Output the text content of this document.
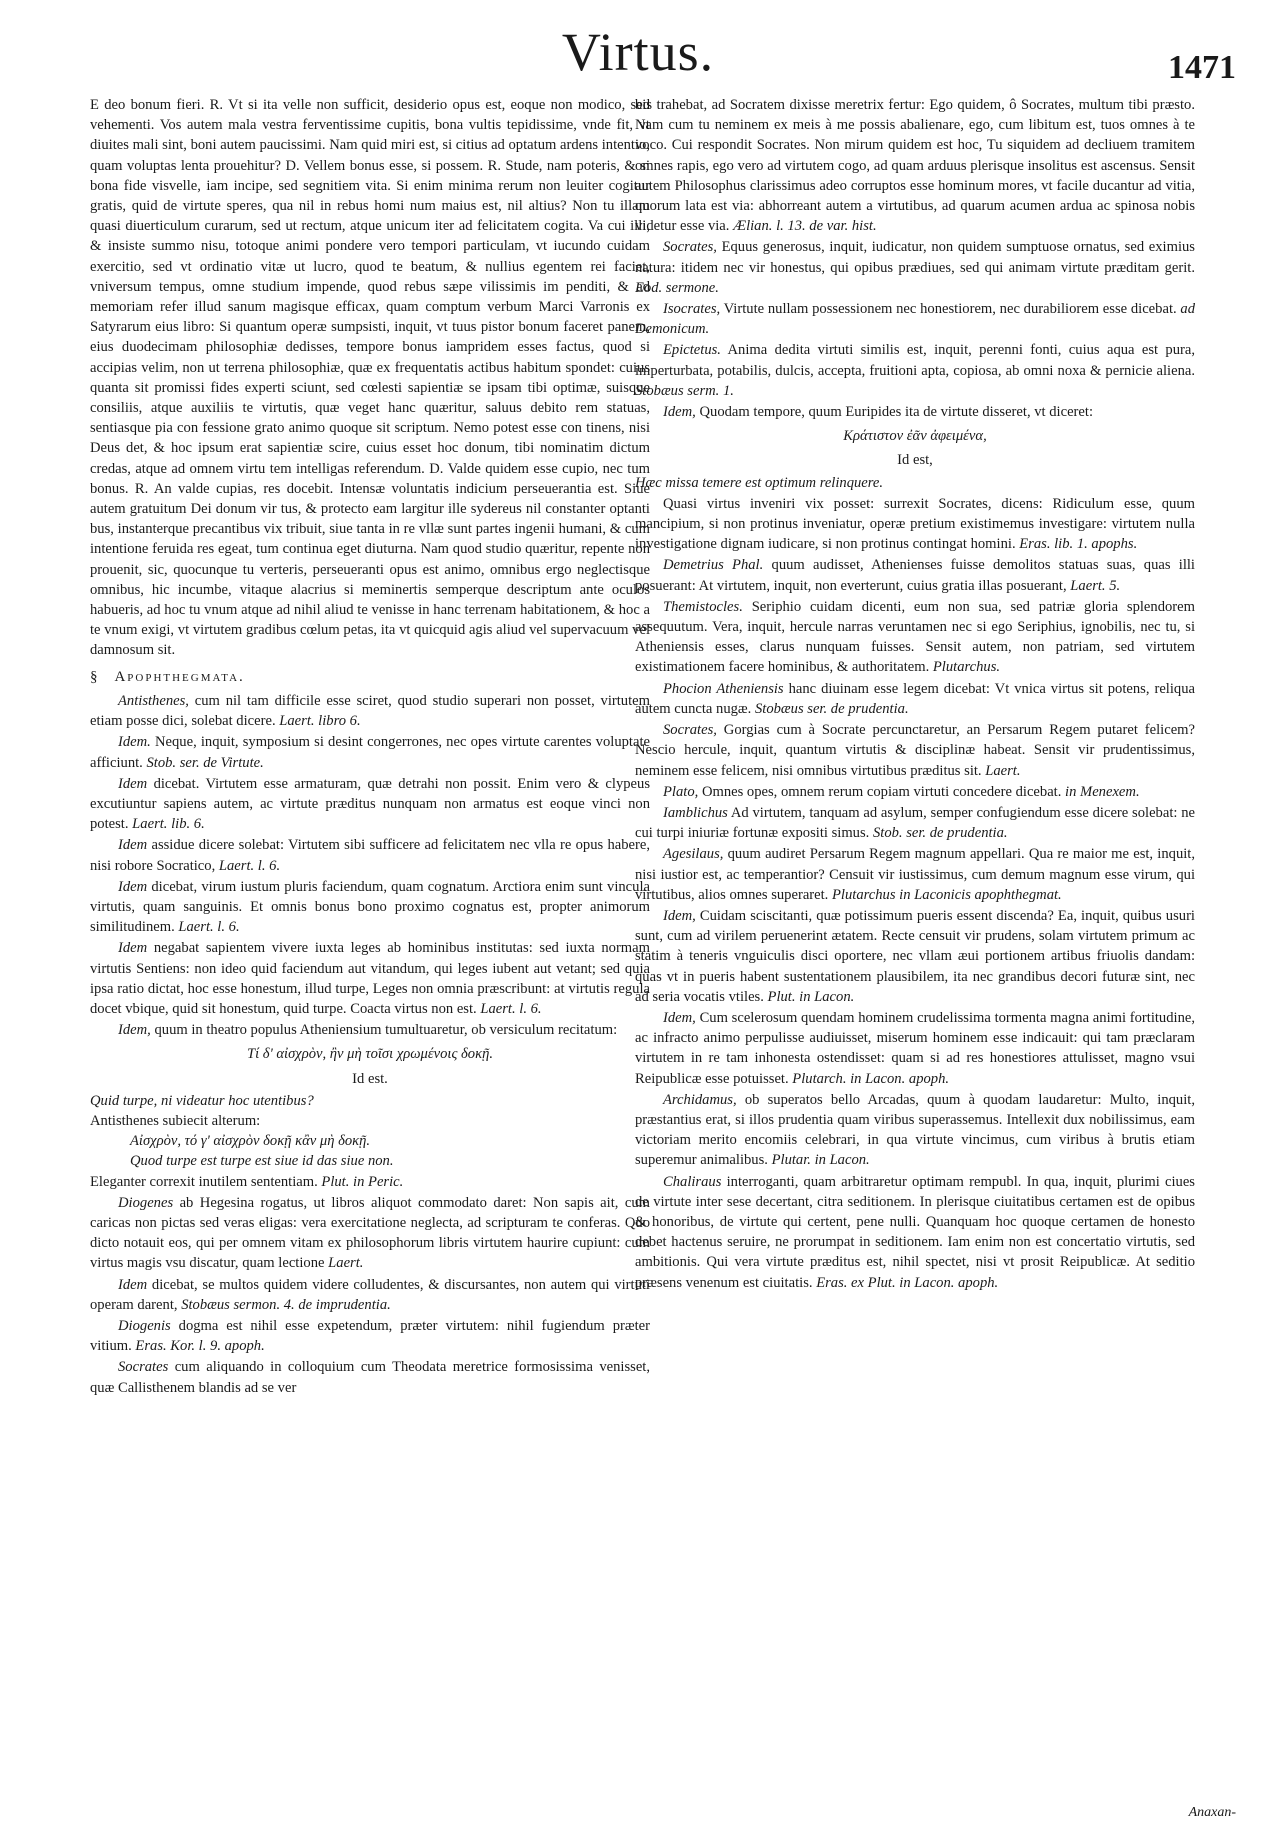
Virtus.	1471

E deo bonum fieri. R. Vt si ita velle non sufficit, desiderio opus est, eoque non modico, sed vehementi. Vos autem mala vestra ferventissime cupitis, bona vultis tepidissime, vnde fit, vt diuites mali sint, boni autem paucissimi. Nam quid miri est, si citius ad optatum ardens intentio, quam voluptas lenta prouehitur? D. Vellem bonus esse, si possem. R. Stude, nam poteris, & si bona fide visvelle, iam incipe, sed segnitiem vita. Si enim minima rerum non leuiter cogitur gratis, quid de virtute speres, qua nil in rebus homi num maius est, nil altius? Non tu illam quasi diuerticulum curarum, sed ut rectum, atque unicum iter ad felicitatem cogita. Va cui illi, & insiste summo nisu, totoque animi pondere vero tempori particulam, vt iucundo cuidam exercitio, sed vt ordinatio vitæ ut lucro, quod te beatum, & nullius egentem rei faciet, vniversum tempus, omne studium impende, quod rebus sæpe vilissimis im penditi, & ad memoriam refer illud sanum magisque efficax, quam comptum verbum Marci Varronis ex Satyrarum eius libro: Si quantum operæ sumpsisti, inquit, vt tuus pistor bonum faceret panem, eius duodecimam philosophiæ dedisses, tempore bonus iampridem esses factus, quod si accipias velim, non ut terrena philosophiæ, quæ ex frequentatis actibus habitum spondet: cuius quanta sit promissi fides experti sciunt, sed cœlesti sapientiæ se ipsam tibi optimæ, suisque consiliis, atque auxiliis te virtutis, quæ veget hanc quæritur, saluus debito rem statuas, sentiasque pia con fessione grato animo quoque sit scriptum. Nemo potest esse con tinens, nisi Deus det, & hoc ipsum erat sapientiæ scire, cuius esset hoc donum, tibi nominatim dictum credas, atque ad omnem virtu tem intelligas referendum. D. Valde quidem esse cupio, nec tum bonus. R. An valde cupias, res docebit. Intensæ voluntatis indicium perseuerantia est. Siue autem gratuitum Dei donum vir tus, & protecto eam largitur ille sydereus nil constanter optanti bus, instanterque precantibus vix tribuit, siue tanta in re vllæ sunt partes ingenii humani, & cum intentione feruida res egeat, tum continua eget diuturna. Nam quod studio quæritur, repente non prouenit, sic, quocunque tu verteris, perseueranti opus est animo, omnibus ergo neglectisque omnibus, hic incumbe, vitaque alacrius si meminertis semperque descriptum ante oculos habueris, ad hoc tu vnum atque ad nihil aliud te venisse in hanc terrenam habitationem, & hoc a te vnum exigi, vt virtutem gradibus cœlum petas, ita vt quicquid agis aliud vel supervacuum vel damnosum sit.

§ Apophthegmata.

Antisthenes, cum nil tam difficile esse sciret, quod studio superari non posset, virtutem etiam posse dici, solebat dicere. Laert. libro 6.

Idem. Neque, inquit, symposium si desint congerrones, nec opes virtute carentes voluptate afficiunt. Stob. ser. de Virtute.

Idem dicebat. Virtutem esse armaturam, quæ detrahi non possit. Enim vero & clypeus excutiuntur sapiens autem, ac virtute præditus nunquam non armatus est eoque vinci non potest. Laert. lib. 6.

Idem assidue dicere solebat: Virtutem sibi sufficere ad felicitatem nec vlla re opus habere, nisi robore Socratico, Laert. l. 6.

Idem dicebat, virum iustum pluris faciendum, quam cognatum. Arctiora enim sunt vincula virtutis, quam sanguinis. Et omnis bonus bono proximo cognatus est, propter animorum similitudinem. Laert. l. 6.

Idem negabat sapientem vivere iuxta leges ab hominibus institutas: sed iuxta normam virtutis Sentiens: non ideo quid faciendum aut vitandum, qui leges iubent aut vetant; sed quia ipsa ratio dictat, hoc esse honestum, illud turpe, Leges non omnia præscribunt: at virtutis regula docet vbique, quid sit honestum, quid turpe. Coacta virtus non est. Laert. l. 6.

Idem, quum in theatro populus Atheniensium tumultuaretur, ob versiculum recitatum:

Τί δ' αἰσχρὸν, ἢν μὴ τοῖσι χρωμένοις δοκῇ.
Id est.

Quid turpe, ni videatur hoc utentibus?

Antisthenes subiecit alterum:

Αἰσχρὸν, τό γ' αἰσχρὸν δοκῇ κἂν μὴ δοκῇ.

Quod turpe est turpe est siue id das siue non.

Eleganter correxit inutilem sententiam. Plut. in Peric.

Diogenes ab Hegesina rogatus, ut libros aliquot commodato daret: Non sapis ait, cum caricas non pictas sed veras eligas: vera exercitatione neglecta, ad scripturam te conferas. Quo dicto notauit eos, qui per omnem vitam ex philosophorum libris virtutem haurire cupiunt: cum virtus magis vsu discatur, quam lectione Laert.

Idem dicebat, se multos quidem videre colludentes, & discursantes, non autem qui virtuti operam darent, Stobæus sermon. 4. de imprudentia.

Diogenis dogma est nihil esse expetendum, præter virtutem: nihil fugiendum præter vitium. Eras. Kor. l. 9. apoph.

Socrates cum aliquando in colloquium cum Theodata meretrice formosissima venisset, quæ Callisthenem blandis ad se ver

bis trahebat, ad Socratem dixisse meretrix fertur: Ego quidem, ô Socrates, multum tibi præsto. Nam cum tu neminem ex meis à me possis abalienare, ego, cum libitum est, tuos omnes à te voco. Cui respondit Socrates. Non mirum quidem est hoc, Tu siquidem ad decliuem tramitem omnes rapis, ego vero ad virtutem cogo, ad quam arduus plerisque insolitus est ascensus. Sensit autem Philosophus clarissimus adeo corruptos esse hominum mores, vt facile ducantur ad vitia, quorum lata est via: abhorreant autem a virtutibus, ad quarum acumen ardua ac spinosa nobis videtur esse via. Ælian. l. 13. de var. hist.

Socrates, Equus generosus, inquit, iudicatur, non quidem sumptuose ornatus, sed eximius natura: itidem nec vir honestus, qui opibus prædiues, sed qui animam virtute præditam gerit. Eod. sermone.

Isocrates, Virtute nullam possessionem nec honestiorem, nec durabiliorem esse dicebat. ad Demonicum.

Epictetus. Anima dedita virtuti similis est, inquit, perenni fonti, cuius aqua est pura, imperturbata, potabilis, dulcis, accepta, fruitioni apta, copiosa, ab omni noxa & pernicie aliena. Stobæus serm. 1.

Idem, Quodam tempore, quum Euripides ita de virtute disseret, vt diceret:

Κράτιστον ἐᾶν ἀφειμένα,
Id est,

Hæc missa temere est optimum relinquere.

Quasi virtus inveniri vix posset: surrexit Socrates, dicens: Ridiculum esse, quum mancipium, si non protinus inveniatur, operæ pretium existimemus investigare: virtutem nulla investigatione dignam iudicare, si non protinus contingat homini. Eras. lib. 1. apophs.

Demetrius Phal. quum audisset, Athenienses fuisse demolitos statuas suas, quas illi posuerant: At virtutem, inquit, non everterunt, cuius gratia illas posuerant, Laert. 5.

Themistocles. Seriphio cuidam dicenti, eum non sua, sed patriæ gloria splendorem assequutum. Vera, inquit, hercule narras veruntamen nec si ego Seriphius, ignobilis, nec tu, si Atheniensis esses, clarus nunquam fuisses. Sensit autem, non patriam, sed virtutem existimationem facere hominibus, & authoritatem. Plutarchus.

Phocion Atheniensis hanc diuinam esse legem dicebat: Vt vnica virtus sit potens, reliqua autem cuncta nugæ. Stobæus ser. de prudentia.

Socrates, Gorgias cum à Socrate percunctaretur, an Persarum Regem putaret felicem? Nescio hercule, inquit, quantum virtutis & disciplinæ habeat. Sensit vir prudentissimus, neminem esse felicem, nisi omnibus virtutibus præditus sit. Laert.

Plato, Omnes opes, omnem rerum copiam virtuti concedere dicebat. in Menexem.

Iamblichus Ad virtutem, tanquam ad asylum, semper confugiendum esse dicere solebat: ne cui turpi iniuriæ fortunæ expositi simus. Stob. ser. de prudentia.

Agesilaus, quum audiret Persarum Regem magnum appellari. Qua re maior me est, inquit, nisi iustior est, ac temperantior? Censuit vir iustissimus, cum demum magnum esse virum, qui virtutibus, alios omnes superaret. Plutarchus in Laconicis apophthegmat.

Idem, Cuidam sciscitanti, quæ potissimum pueris essent discenda? Ea, inquit, quibus usuri sunt, cum ad virilem peruenerint ætatem. Recte censuit vir prudens, solam virtutem primum ac statim à teneris vnguiculis disci oportere, nec vllam æui portionem artibus friuolis dandam: quas vt in pueris habent sustentationem plausibilem, ita nec grandibus decori futuræ sint, nec ad seria vocatis vtiles. Plut. in Lacon.

Idem, Cum scelerosum quendam hominem crudelissima tormenta magna animi fortitudine, ac infracto animo perpulisse audiuisset, miserum hominem esse indicauit: qui tam præclaram virtutem in re tam inhonesta ostendisset: quam si ad res honestiores attulisset, magno vsui Reipublicæ esse potuisset. Plutarch. in Lacon. apoph.

Archidamus, ob superatos bello Arcadas, quum à quodam laudaretur: Multo, inquit, præstantius erat, si illos prudentia quam viribus superassemus. Intellexit dux nobilissimus, eam victoriam merito encomiis celebrari, in qua virtute vincimus, cum viribus à brutis etiam superemur animalibus. Plutar. in Lacon.

Chaliraus interroganti, quam arbitraretur optimam rempubl. In qua, inquit, plurimi ciues de virtute inter sese decertant, citra seditionem. In plerisque ciuitatibus certamen est de opibus & honoribus, de virtute qui certent, pene nulli. Quanquam hoc quoque certamen de honesto debet hactenus seruire, ne prorumpat in seditionem. Iam enim non est concertatio virtutis, sed ambitionis. Qui vera virtute præditus est, nihil spectet, nisi vt prosit Reipublicæ. At seditio præsens venenum est ciuitatis. Eras. ex Plut. in Lacon. apoph.

Anaxan-
